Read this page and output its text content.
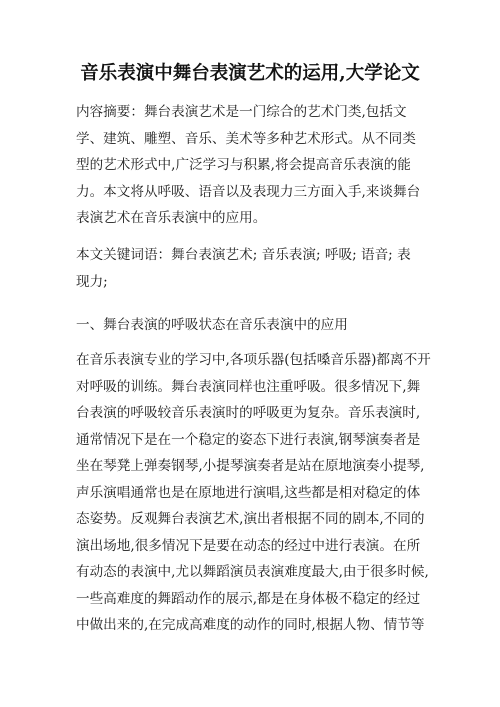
音乐表演中舞台表演艺术的运用,大学论文
内容摘要：舞台表演艺术是一门综合的艺术门类,包括文
学、建筑、雕塑、音乐、美术等多种艺术形式。从不同类
型的艺术形式中,广泛学习与积累,将会提高音乐表演的能
力。本文将从呼吸、语音以及表现力三方面入手,来谈舞台
表演艺术在音乐表演中的应用。
本文关键词语：舞台表演艺术; 音乐表演; 呼吸; 语音; 表
现力;
一、舞台表演的呼吸状态在音乐表演中的应用
在音乐表演专业的学习中,各项乐器(包括嗓音乐器)都离不开
对呼吸的训练。舞台表演同样也注重呼吸。很多情况下,舞
台表演的呼吸较音乐表演时的呼吸更为复杂。音乐表演时,
通常情况下是在一个稳定的姿态下进行表演,钢琴演奏者是
坐在琴凳上弹奏钢琴,小提琴演奏者是站在原地演奏小提琴,
声乐演唱通常也是在原地进行演唱,这些都是相对稳定的体
态姿势。反观舞台表演艺术,演出者根据不同的剧本,不同的
演出场地,很多情况下是要在动态的经过中进行表演。在所
有动态的表演中,尤以舞蹈演员表演难度最大,由于很多时候,
一些高难度的舞蹈动作的展示,都是在身体极不稳定的经过
中做出来的,在完成高难度的动作的同时,根据人物、情节等
